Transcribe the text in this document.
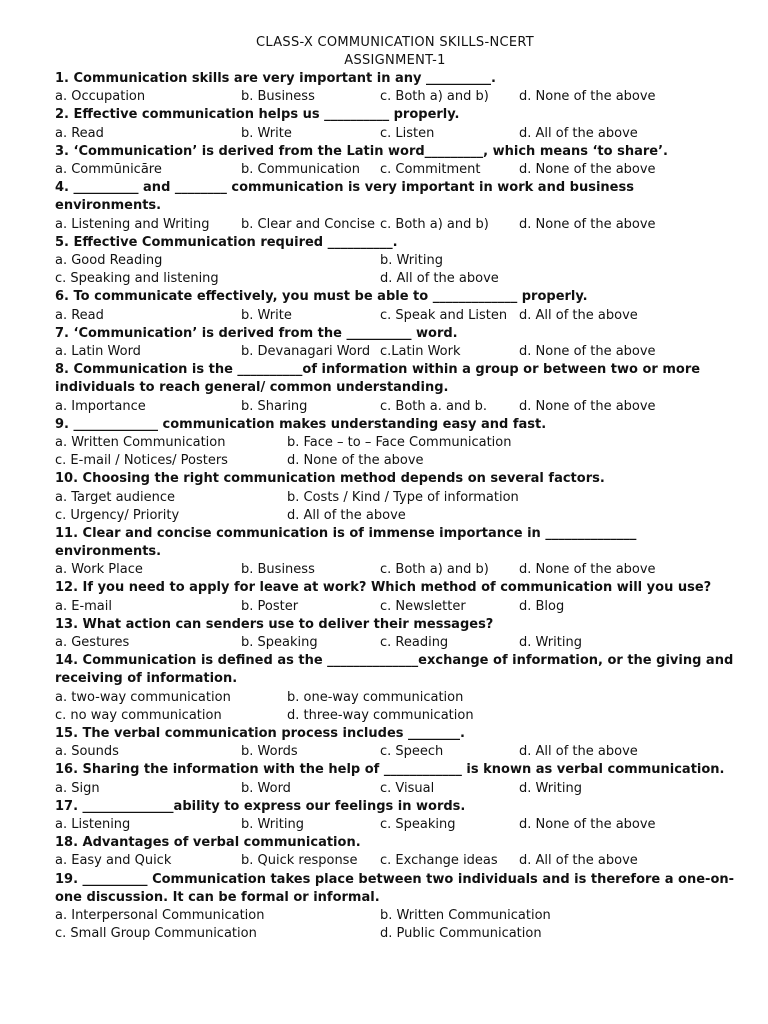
CLASS-X COMMUNICATION SKILLS-NCERT
ASSIGNMENT-1
1. Communication skills are very important in any __________.
a. Occupation	b. Business	c. Both a) and b) d. None of the above
2. Effective communication helps us __________ properly.
a. Read	b. Write	c. Listen	d. All of the above
3. ‘Communication’ is derived from the Latin word_________, which means ‘to share’.
a. Commūnicāre	b. Communication c. Commitment	d. None of the above
4. __________ and ________ communication is very important in work and business environments.
a. Listening and Writing b. Clear and Concise c. Both a) and b) d. None of the above
5. Effective Communication required __________.
a. Good Reading	b. Writing
c. Speaking and listening	d. All of the above
6. To communicate effectively, you must be able to _____________ properly.
a. Read	b. Write	c. Speak and Listen d. All of the above
7. ‘Communication’ is derived from the __________ word.
a. Latin Word	b. Devanagari Word c.Latin Work	d. None of the above
8. Communication is the __________of information within a group or between two or more individuals to reach general/ common understanding.
a. Importance	b. Sharing	c. Both a. and b. d. None of the above
9. _____________ communication makes understanding easy and fast.
a. Written Communication	b. Face – to – Face Communication
c. E-mail / Notices/ Posters	d. None of the above
10. Choosing the right communication method depends on several factors.
a. Target audience	b. Costs / Kind / Type of information
c. Urgency/ Priority	d. All of the above
11. Clear and concise communication is of immense importance in ______________ environments.
a. Work Place	b. Business	c. Both a) and b) d. None of the above
12. If you need to apply for leave at work? Which method of communication will you use?
a. E-mail	b. Poster	c. Newsletter	d. Blog
13. What action can senders use to deliver their messages?
a. Gestures	b. Speaking	c. Reading	d. Writing
14. Communication is defined as the ______________exchange of information, or the giving and receiving of information.
a. two-way communication	b. one-way communication
c. no way communication	d. three-way communication
15. The verbal communication process includes ________.
a. Sounds	b. Words	c. Speech	d. All of the above
16. Sharing the information with the help of ____________ is known as verbal communication.
a. Sign	b. Word	c. Visual	d. Writing
17. ______________ability to express our feelings in words.
a. Listening	b. Writing	c. Speaking	d. None of the above
18. Advantages of verbal communication.
a. Easy and Quick	b. Quick response c. Exchange ideas d. All of the above
19. __________ Communication takes place between two individuals and is therefore a one-on-one discussion. It can be formal or informal.
a. Interpersonal Communication	b. Written Communication
c. Small Group Communication	d. Public Communication
